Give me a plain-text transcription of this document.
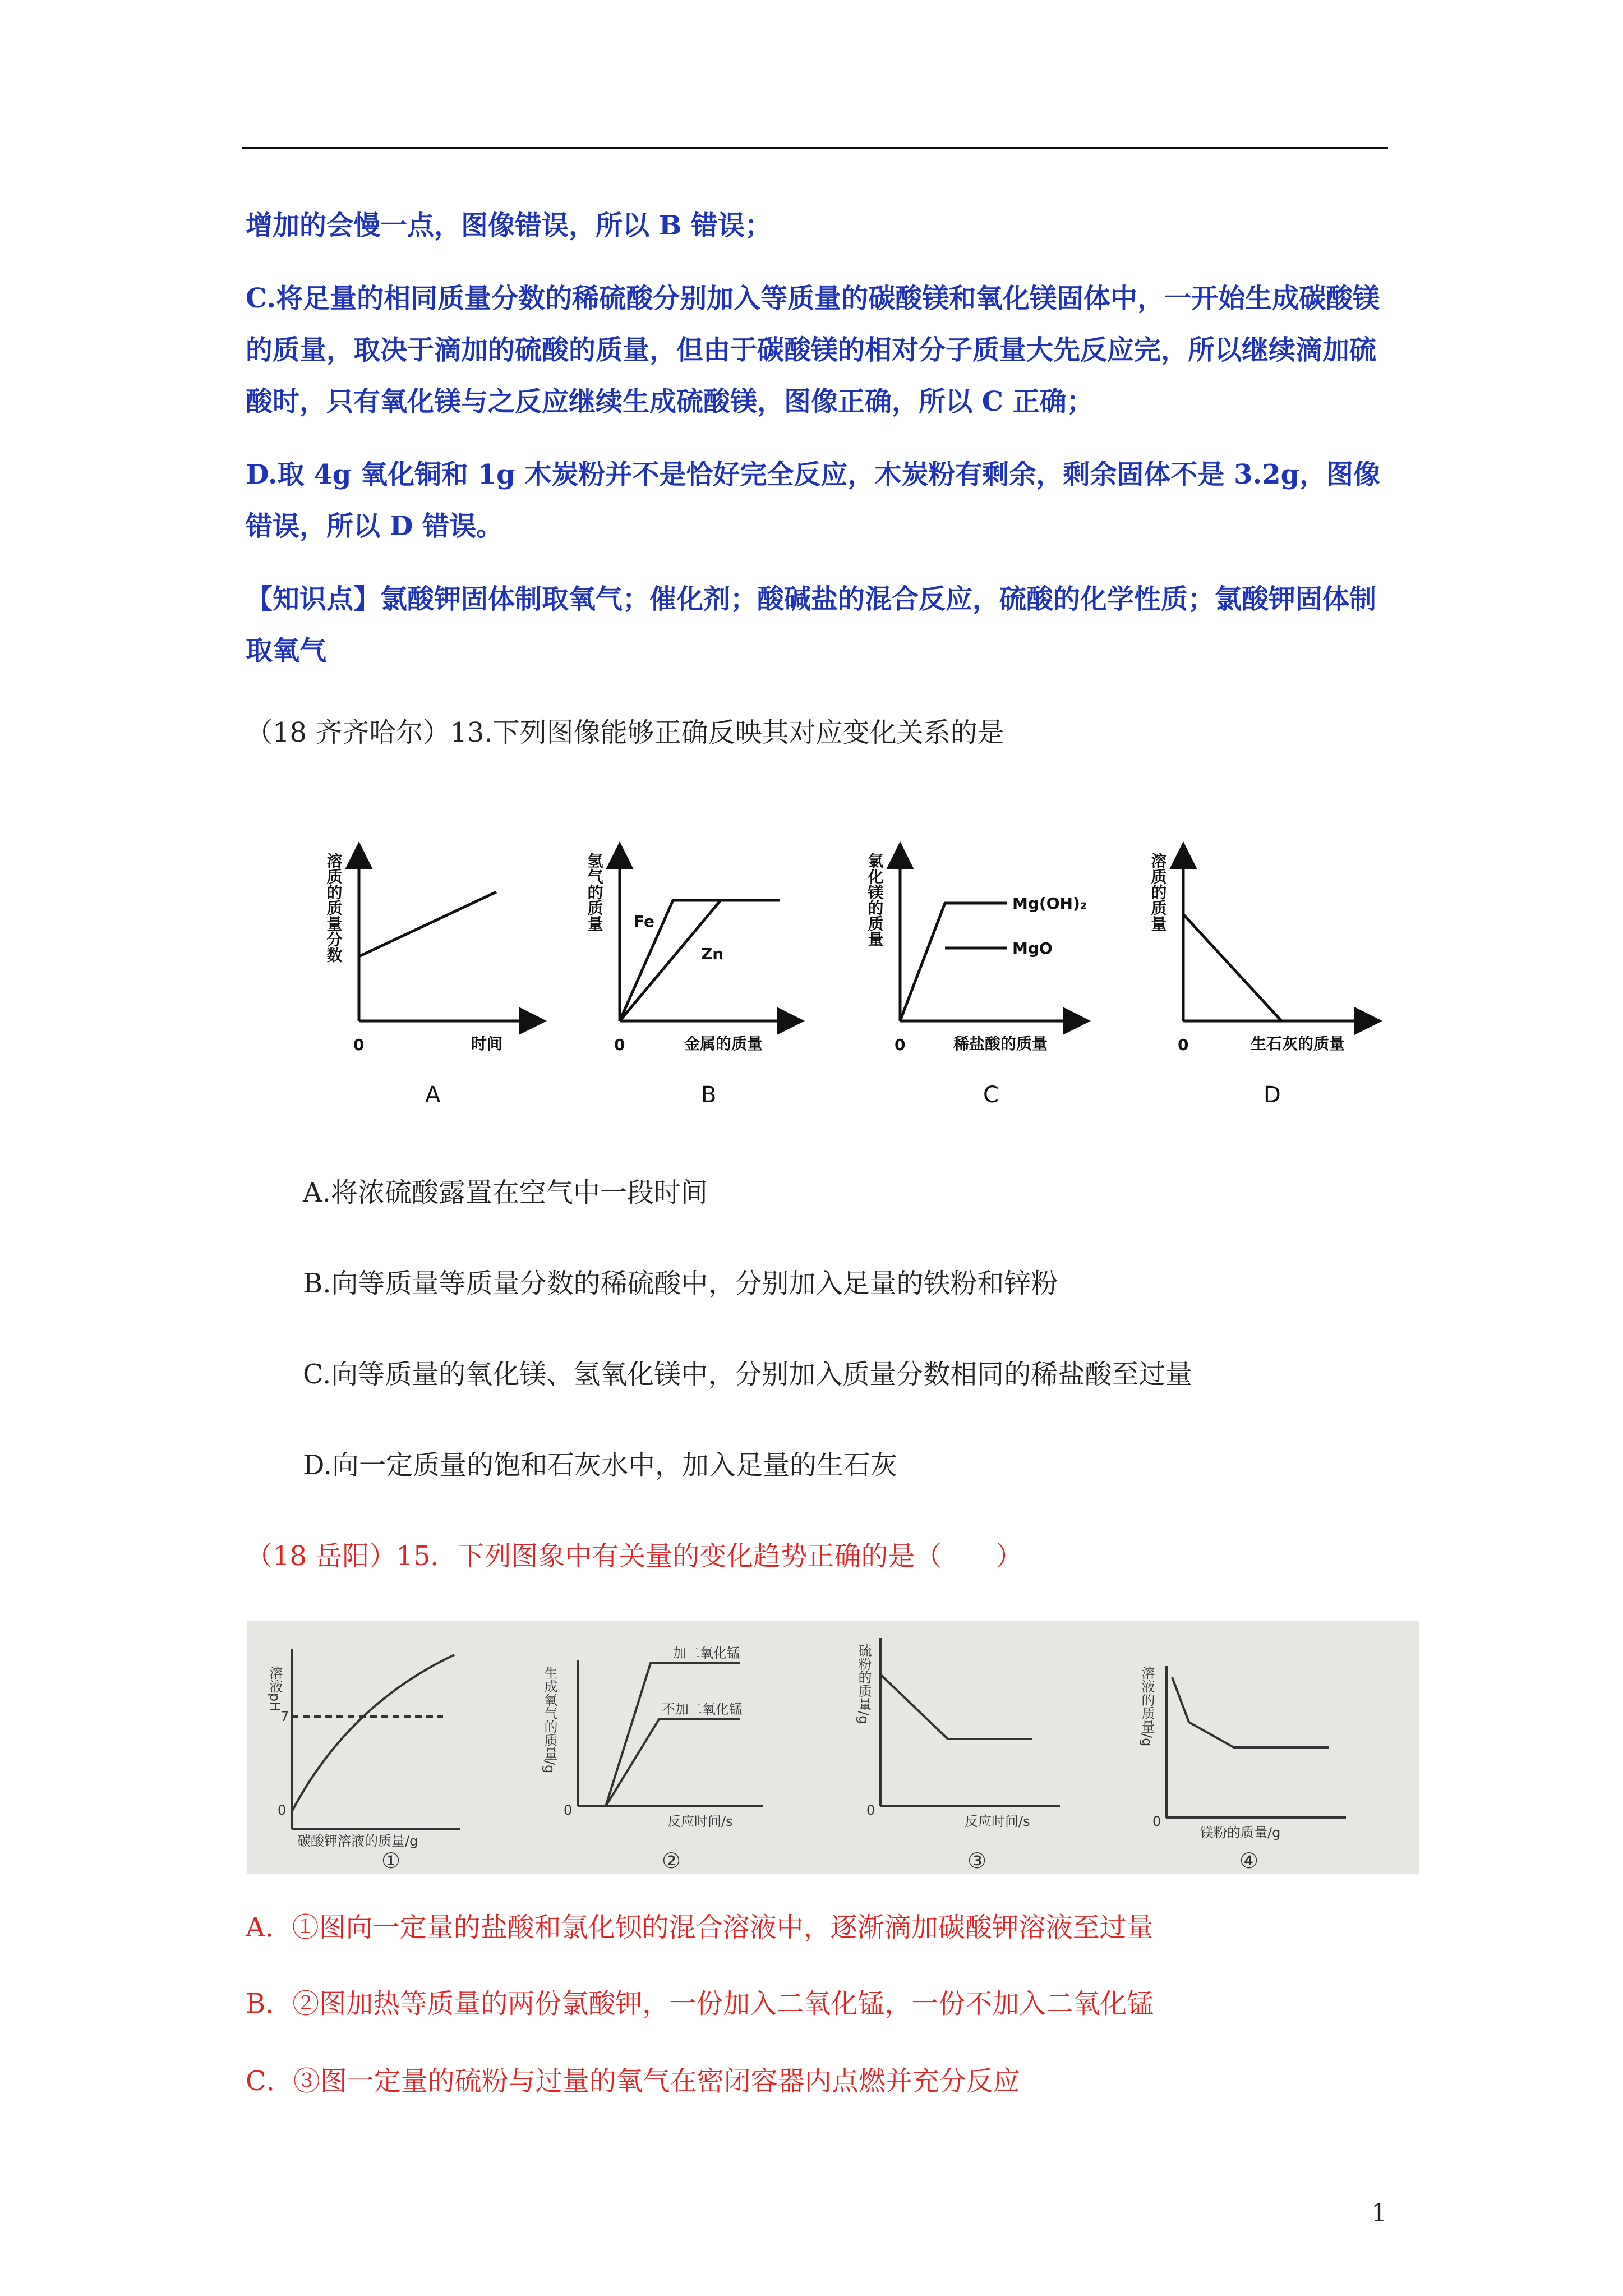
增加的会慢一点，图像错误，所以 B 错误；

C.将足量的相同质量分数的稀硫酸分别加入等质量的碳酸镁和氧化镁固体中，一开始生成碳酸镁的质量，取决于滴加的硫酸的质量，但由于碳酸镁的相对分子质量大先反应完，所以继续滴加硫酸时，只有氧化镁与之反应继续生成硫酸镁，图像正确，所以 C 正确；

D.取 4g 氧化铜和 1g 木炭粉并不是恰好完全反应，木炭粉有剩余，剩余固体不是 3.2g，图像错误，所以 D 错误。

【知识点】氯酸钾固体制取氧气；催化剂；酸碱盐的混合反应，硫酸的化学性质；氯酸钾固体制取氧气

（18 齐齐哈尔）13.下列图像能够正确反映其对应变化关系的是

溶质的质量分数
时间
0
A
氢气的质量
金属的质量
0
Fe
Zn
B
氯化镁的质量
稀盐酸的质量
0
Mg(OH)₂
MgO
C
溶质的质量
生石灰的质量
0
D

A.将浓硫酸露置在空气中一段时间

B.向等质量等质量分数的稀硫酸中，分别加入足量的铁粉和锌粉

C.向等质量的氧化镁、氢氧化镁中，分别加入质量分数相同的稀盐酸至过量

D.向一定质量的饱和石灰水中，加入足量的生石灰

（18 岳阳）15．下列图象中有关量的变化趋势正确的是（　　）

溶液pH
7
0
碳酸钾溶液的质量/g
①
生成氧气的质量/g
0
反应时间/s
加二氧化锰
不加二氧化锰
②
硫粉的质量/g
0
反应时间/s
③
溶液的质量/g
0
镁粉的质量/g
④

A．①图向一定量的盐酸和氯化钡的混合溶液中，逐渐滴加碳酸钾溶液至过量

B．②图加热等质量的两份氯酸钾，一份加入二氧化锰，一份不加入二氧化锰

C．③图一定量的硫粉与过量的氧气在密闭容器内点燃并充分反应

1
